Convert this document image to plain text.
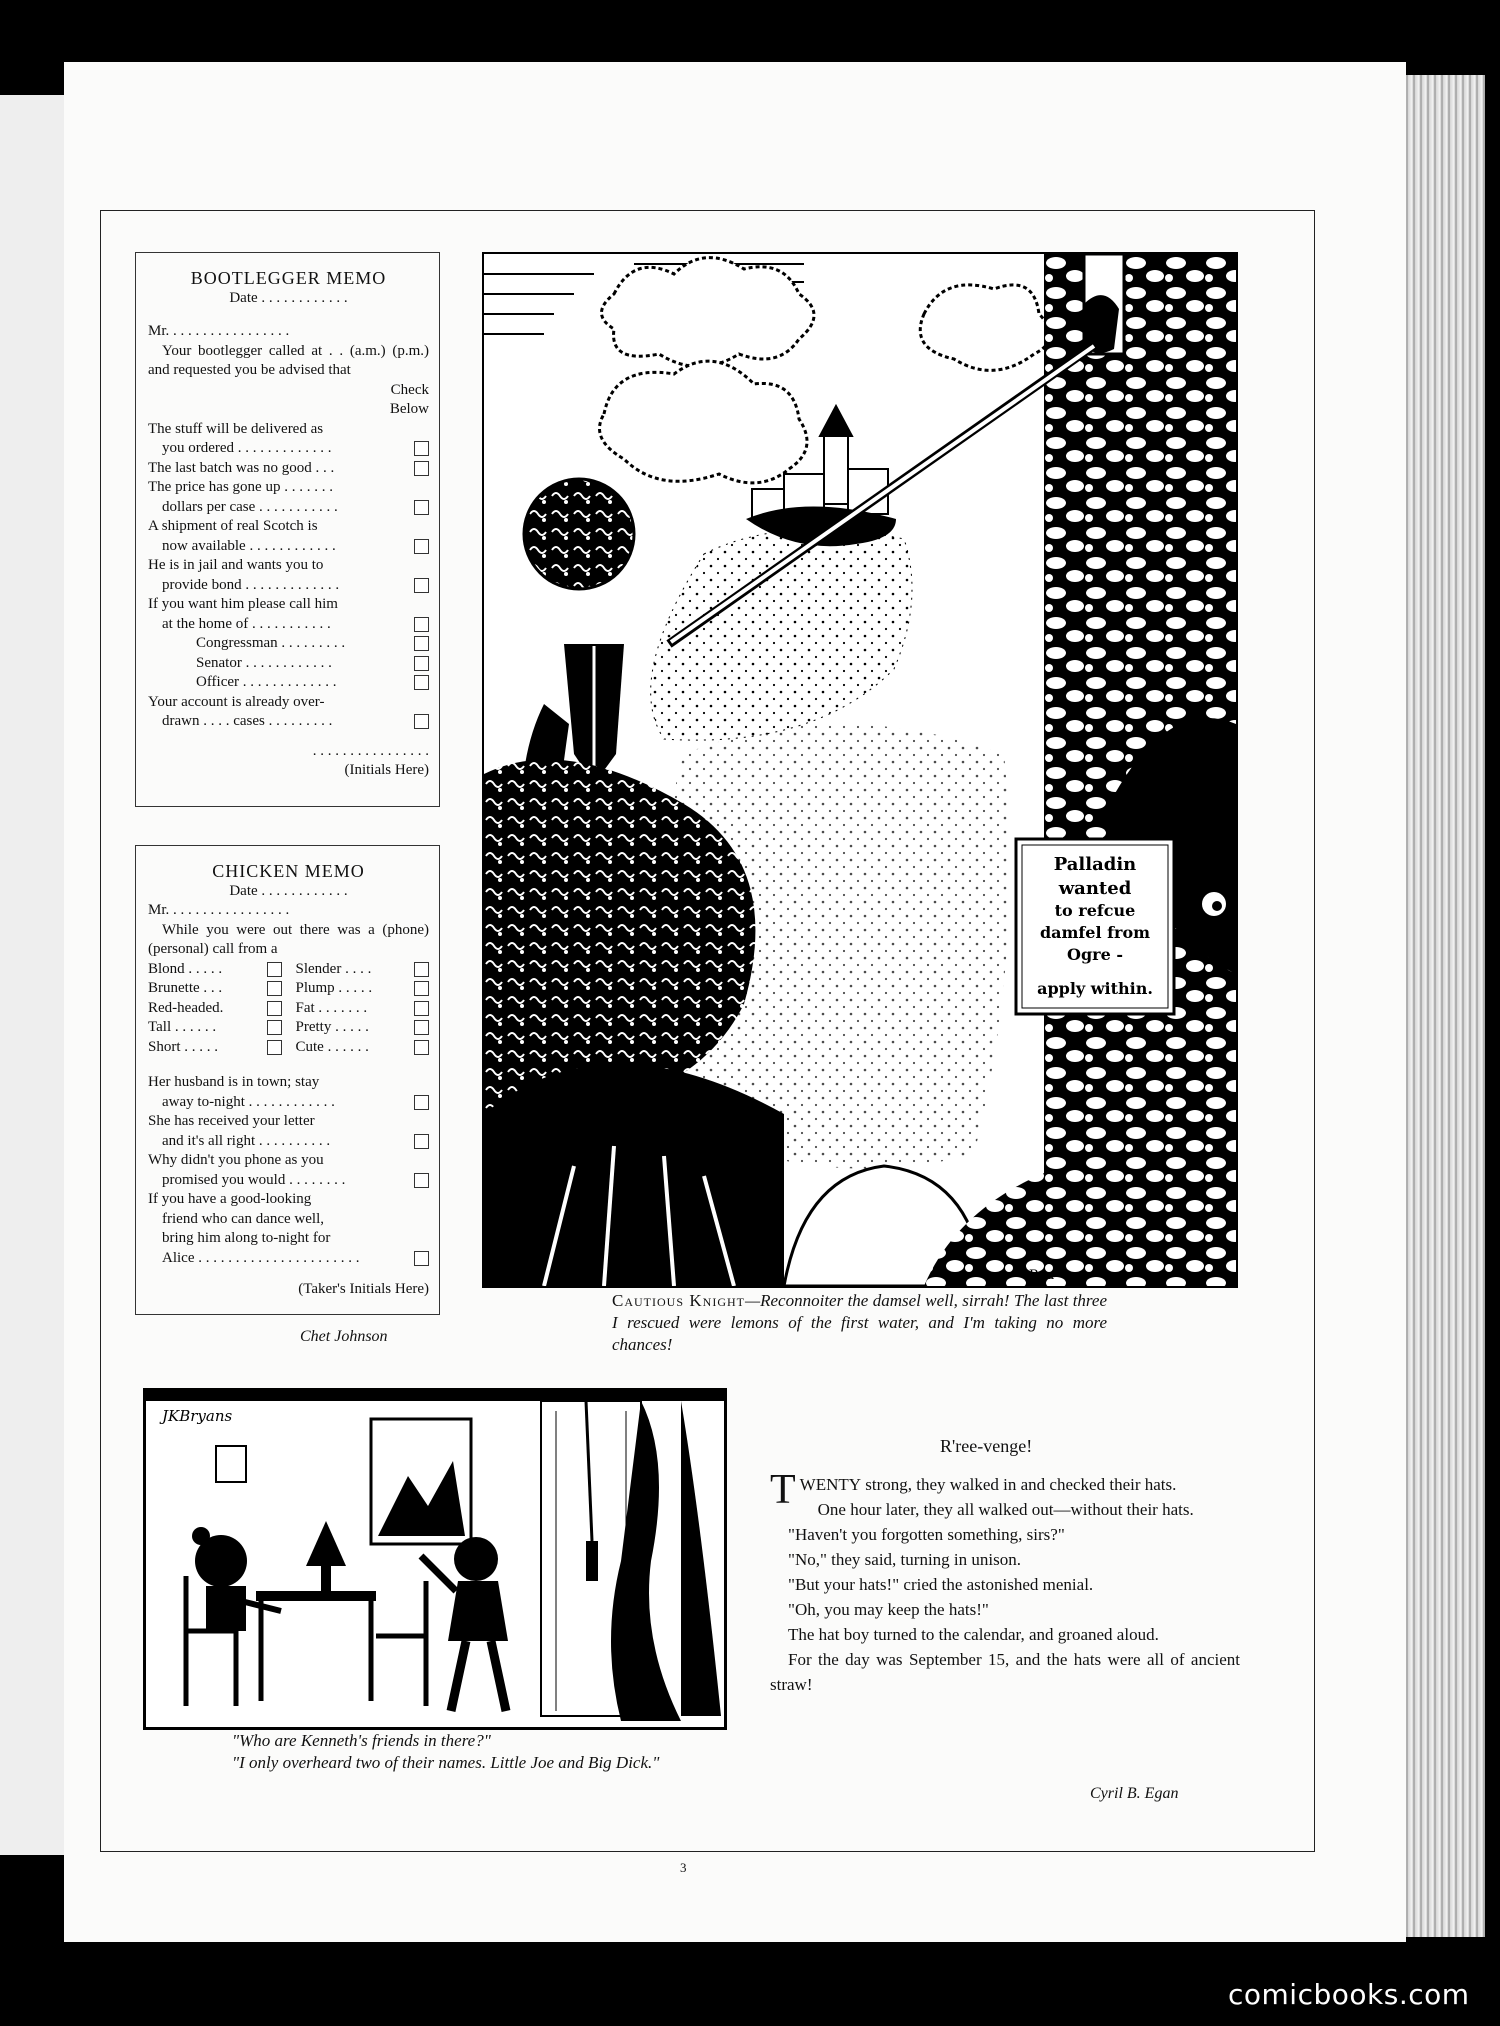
BOOTLEGGER MEMO
Date . . . . . . . . . . . .
Mr. . . . . . . . . . . . . . . . .
Your bootlegger called at . . (a.m.) (p.m.) and requested you be advised that
Check
Below
The stuff will be delivered as
you ordered . . . . . . . . . . . . .
The last batch was no good . . .
The price has gone up . . . . . . .
dollars per case . . . . . . . . . . .
A shipment of real Scotch is
now available . . . . . . . . . . . .
He is in jail and wants you to
provide bond . . . . . . . . . . . . .
If you want him please call him
at the home of . . . . . . . . . . .
Congressman . . . . . . . . .
Senator . . . . . . . . . . . .
Officer . . . . . . . . . . . . .
Your account is already over-
drawn . . . . cases . . . . . . . . .
. . . . . . . . . . . . . . . .
(Initials Here)
CHICKEN MEMO
Date . . . . . . . . . . . .
Mr. . . . . . . . . . . . . . . . .
While you were out there was a (phone) (personal) call from a
Blond . . . . .	Slender . . . .
Brunette . . .	Plump . . . . .
Red-headed.	Fat . . . . . . .
Tall . . . . . .	Pretty . . . . .
Short . . . . .	Cute . . . . . .
Her husband is in town; stay
away to-night . . . . . . . . . . . .
She has received your letter
and it's all right . . . . . . . . . .
Why didn't you phone as you
promised you would . . . . . . . .
If you have a good-looking
friend who can dance well,
bring him along to-night for
Alice . . . . . . . . . . . . . . . . . . . . . .
(Taker's Initials Here)
Chet Johnson
Palladin
wanted
to refcue
damfel from
Ogre -
apply within.
Rea
Cautious Knight—Reconnoiter the damsel well, sirrah! The last three I rescued were lemons of the first water, and I'm taking no more chances!
JKBryans
"Who are Kenneth's friends in there?"
"I only overheard two of their names. Little Joe and Big Dick."
R'ree-venge!

TWENTY strong, they walked in and checked their hats.

One hour later, they all walked out—without their hats.

"Haven't you forgotten something, sirs?"

"No," they said, turning in unison.

"But your hats!" cried the astonished menial.

"Oh, you may keep the hats!"

The hat boy turned to the calendar, and groaned aloud.

For the day was September 15, and the hats were all of ancient straw!

Cyril B. Egan
3
comicbooks.com
